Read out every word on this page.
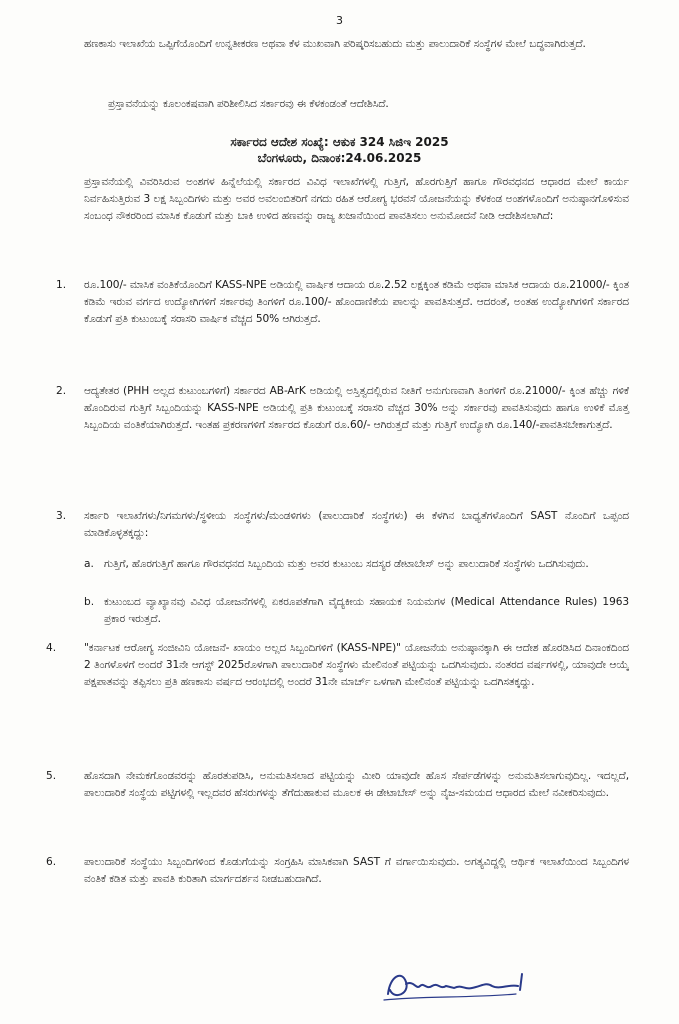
3
ಹಣಕಾಸು ಇಲಾಖೆಯ ಒಪ್ಪಿಗೆಯೊಂದಿಗೆ ಉನ್ನತೀಕರಣ ಅಥವಾ ಕೆಳ ಮುಖವಾಗಿ ಪರಿಷ್ಕರಿಸಬಹುದು ಮತ್ತು ಪಾಲುದಾರಿಕೆ ಸಂಸ್ಥೆಗಳ ಮೇಲೆ ಬದ್ಧವಾಗಿರುತ್ತದೆ.
ಪ್ರಸ್ತಾವನೆಯನ್ನು ಕೂಲಂಕಷವಾಗಿ ಪರಿಶೀಲಿಸಿದ ಸರ್ಕಾರವು ಈ ಕೆಳಕಂಡಂತೆ ಆದೇಶಿಸಿದೆ.
ಸರ್ಕಾರದ ಆದೇಶ ಸಂಖ್ಯೆ: ಆಕುಕ 324 ಸಿಜಿಇ 2025
ಬೆಂಗಳೂರು, ದಿನಾಂಕ:24.06.2025
ಪ್ರಸ್ತಾವನೆಯಲ್ಲಿ ವಿವರಿಸಿರುವ ಅಂಶಗಳ ಹಿನ್ನೆಲೆಯಲ್ಲಿ ಸರ್ಕಾರದ ವಿವಿಧ ಇಲಾಖೆಗಳಲ್ಲಿ ಗುತ್ತಿಗೆ, ಹೊರಗುತ್ತಿಗೆ ಹಾಗೂ ಗೌರವಧನದ ಆಧಾರದ ಮೇಲೆ ಕಾರ್ಯ ನಿರ್ವಹಿಸುತ್ತಿರುವ 3 ಲಕ್ಷ ಸಿಬ್ಬಂದಿಗಳು ಮತ್ತು ಅವರ ಅವಲಂಬಿತರಿಗೆ ನಗದು ರಹಿತ ಆರೋಗ್ಯ ಭರವಸೆ ಯೋಜನೆಯನ್ನು ಕೆಳಕಂಡ ಅಂಶಗಳೊಂದಿಗೆ ಅನುಷ್ಠಾನಗೊಳಿಸುವ ಸಂಬಂಧ ನೌಕರರಿಂದ ಮಾಸಿಕ ಕೊಡುಗೆ ಮತ್ತು ಬಾಕಿ ಉಳಿದ ಹಣವನ್ನು ರಾಜ್ಯ ಖಜಾನೆಯಿಂದ ಪಾವತಿಸಲು ಅನುಮೋದನೆ ನೀಡಿ ಆದೇಶಿಸಲಾಗಿದೆ:
1. ರೂ.100/- ಮಾಸಿಕ ವಂತಿಕೆಯೊಂದಿಗೆ KASS-NPE ಅಡಿಯಲ್ಲಿ ವಾರ್ಷಿಕ ಆದಾಯ ರೂ.2.52 ಲಕ್ಷಕ್ಕಿಂತ ಕಡಿಮೆ ಅಥವಾ ಮಾಸಿಕ ಆದಾಯ ರೂ.21000/- ಕ್ಕಿಂತ ಕಡಿಮೆ ಇರುವ ವರ್ಗದ ಉದ್ಯೋಗಿಗಳಿಗೆ ಸರ್ಕಾರವು ತಿಂಗಳಿಗೆ ರೂ.100/- ಹೊಂದಾಣಿಕೆಯ ಪಾಲನ್ನು ಪಾವತಿಸುತ್ತದೆ. ಆದರಂತೆ, ಅಂತಹ ಉದ್ಯೋಗಿಗಳಿಗೆ ಸರ್ಕಾರದ ಕೊಡುಗೆ ಪ್ರತಿ ಕುಟುಂಬಕ್ಕೆ ಸರಾಸರಿ ವಾರ್ಷಿಕ ವೆಚ್ಚದ 50% ಆಗಿರುತ್ತದೆ.
2. ಆದ್ಯತೇತರ (PHH ಅಲ್ಲದ ಕುಟುಂಬಗಳಿಗೆ) ಸರ್ಕಾರದ AB-ArK ಅಡಿಯಲ್ಲಿ ಅಸ್ತಿತ್ವದಲ್ಲಿರುವ ನೀತಿಗೆ ಅನುಗುಣವಾಗಿ ತಿಂಗಳಿಗೆ ರೂ.21000/- ಕ್ಕಿಂತ ಹೆಚ್ಚು ಗಳಿಕೆ ಹೊಂದಿರುವ ಗುತ್ತಿಗೆ ಸಿಬ್ಬಂದಿಯನ್ನು KASS-NPE ಅಡಿಯಲ್ಲಿ ಪ್ರತಿ ಕುಟುಂಬಕ್ಕೆ ಸರಾಸರಿ ವೆಚ್ಚದ 30% ಅನ್ನು ಸರ್ಕಾರವು ಪಾವತಿಸುವುದು ಹಾಗೂ ಉಳಿಕೆ ಮೊತ್ತ ಸಿಬ್ಬಂದಿಯ ವಂತಿಕೆಯಾಗಿರುತ್ತದೆ. ಇಂತಹ ಪ್ರಕರಣಗಳಿಗೆ ಸರ್ಕಾರದ ಕೊಡುಗೆ ರೂ.60/- ಆಗಿರುತ್ತದೆ ಮತ್ತು ಗುತ್ತಿಗೆ ಉದ್ಯೋಗಿ ರೂ.140/-ಪಾವತಿಸಬೇಕಾಗುತ್ತದೆ.
3. ಸರ್ಕಾರಿ ಇಲಾಖೆಗಳು/ನಿಗಮಗಳು/ಸ್ಥಳೀಯ ಸಂಸ್ಥೆಗಳು/ಮಂಡಳಿಗಳು (ಪಾಲುದಾರಿಕೆ ಸಂಸ್ಥೆಗಳು) ಈ ಕೆಳಗಿನ ಬಾಧ್ಯತೆಗಳೊಂದಿಗೆ SAST ನೊಂದಿಗೆ ಒಪ್ಪಂದ ಮಾಡಿಕೊಳ್ಳತಕ್ಕದ್ದು:
a. ಗುತ್ತಿಗೆ, ಹೊರಗುತ್ತಿಗೆ ಹಾಗೂ ಗೌರವಧನದ ಸಿಬ್ಬಂದಿಯ ಮತ್ತು ಅವರ ಕುಟುಂಬ ಸದಸ್ಯರ ಡೇಟಾಬೇಸ್ ಅನ್ನು ಪಾಲುದಾರಿಕೆ ಸಂಸ್ಥೆಗಳು ಒದಗಿಸುವುದು.
b. ಕುಟುಂಬದ ವ್ಯಾಖ್ಯಾನವು ವಿವಿಧ ಯೋಜನೆಗಳಲ್ಲಿ ಏಕರೂಪತೆಗಾಗಿ ವೈದ್ಯಕೀಯ ಸಹಾಯಕ ನಿಯಮಗಳ (Medical Attendance Rules) 1963 ಪ್ರಕಾರ ಇರುತ್ತದೆ.
4.	"ಕರ್ನಾಟಕ ಆರೋಗ್ಯ ಸಂಜೀವಿನಿ ಯೋಜನೆ- ಖಾಯಂ ಅಲ್ಲದ ಸಿಬ್ಬಂದಿಗಳಿಗೆ (KASS-NPE)" ಯೋಜನೆಯ ಅನುಷ್ಠಾನಕ್ಕಾಗಿ ಈ ಆದೇಶ ಹೊರಡಿಸಿದ ದಿನಾಂಕದಿಂದ 2 ತಿಂಗಳೊಳಗೆ ಅಂದರೆ 31ನೇ ಆಗಸ್ಟ್ 2025ರೊಳಗಾಗಿ ಪಾಲುದಾರಿಕೆ ಸಂಸ್ಥೆಗಳು ಮೇಲಿನಂತೆ ಪಟ್ಟಿಯನ್ನು ಒದಗಿಸುವುದು. ನಂತರದ ವರ್ಷಗಳಲ್ಲಿ, ಯಾವುದೇ ಆಯ್ಕೆ ಪಕ್ಷಪಾತವನ್ನು ತಪ್ಪಿಸಲು ಪ್ರತಿ ಹಣಕಾಸು ವರ್ಷದ ಆರಂಭದಲ್ಲಿ ಅಂದರೆ 31ನೇ ಮಾರ್ಚ್ ಒಳಗಾಗಿ ಮೇಲಿನಂತೆ ಪಟ್ಟಿಯನ್ನು ಒದಗಿಸತಕ್ಕದ್ದು.
5.	ಹೊಸದಾಗಿ ನೇಮಕಗೊಂಡವರನ್ನು ಹೊರತುಪಡಿಸಿ, ಅನುಮತಿಸಲಾದ ಪಟ್ಟಿಯನ್ನು ಮೀರಿ ಯಾವುದೇ ಹೊಸ ಸೇರ್ಪಡೆಗಳನ್ನು ಅನುಮತಿಸಲಾಗುವುದಿಲ್ಲ. ಇದಲ್ಲದೆ, ಪಾಲುದಾರಿಕೆ ಸಂಸ್ಥೆಯ ಪಟ್ಟಿಗಳಲ್ಲಿ ಇಲ್ಲದವರ ಹೆಸರುಗಳನ್ನು ತೆಗೆದುಹಾಕುವ ಮೂಲಕ ಈ ಡೇಟಾಬೇಸ್ ಅನ್ನು ನೈಜ-ಸಮಯದ ಆಧಾರದ ಮೇಲೆ ನವೀಕರಿಸುವುದು.
6.	ಪಾಲುದಾರಿಕೆ ಸಂಸ್ಥೆಯು ಸಿಬ್ಬಂದಿಗಳಿಂದ ಕೊಡುಗೆಯನ್ನು ಸಂಗ್ರಹಿಸಿ ಮಾಸಿಕವಾಗಿ SAST ಗೆ ವರ್ಗಾಯಿಸುವುದು. ಅಗತ್ಯವಿದ್ದಲ್ಲಿ ಆರ್ಥಿಕ ಇಲಾಖೆಯಿಂದ ಸಿಬ್ಬಂದಿಗಳ ವಂತಿಕೆ ಕಡಿತ ಮತ್ತು ಪಾವತಿ ಕುರಿತಾಗಿ ಮಾರ್ಗದರ್ಶನ ನೀಡಬಹುದಾಗಿದೆ.
